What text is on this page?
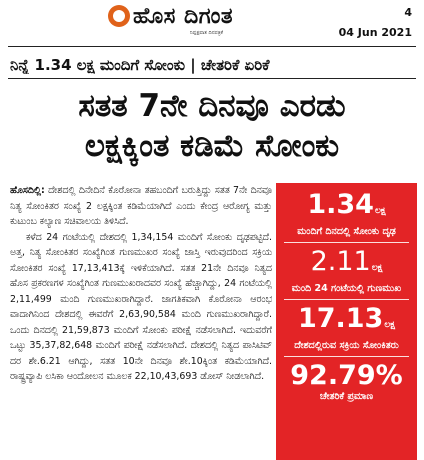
ಹೊಸ ದಿಗಂತ
ನಿಷ್ಪಕ್ಷಪಾತ ದಿನಪತ್ರಿಕೆ
4
04 Jun 2021
ನಿನ್ನೆ 1.34 ಲಕ್ಷ ಮಂದಿಗೆ ಸೋಂಕು | ಚೇತರಿಕೆ ಏರಿಕೆ
ಸತತ 7ನೇ ದಿನವೂ ಎರಡು
ಲಕ್ಷಕ್ಕಿಂತ ಕಡಿಮೆ ಸೋಂಕು

ಹೊಸದಿಲ್ಲಿ: ದೇಶದಲ್ಲಿ ದಿನೇದಿನೆ ಕೊರೋನಾ ತಹಬಂದಿಗೆ ಬರುತ್ತಿದ್ದು ಸತತ 7ನೇ ದಿನವೂ ನಿತ್ಯ ಸೋಂಕಿತರ ಸಂಖ್ಯೆ 2 ಲಕ್ಷಕ್ಕಿಂತ ಕಡಿಮೆಯಾಗಿದೆ ಎಂದು ಕೇಂದ್ರ ಆರೋಗ್ಯ ಮತ್ತು ಕುಟುಂಬ ಕಲ್ಯಾಣ ಸಚಿವಾಲಯ ತಿಳಿಸಿದೆ.

ಕಳೆದ 24 ಗಂಟೆಯಲ್ಲಿ ದೇಶದಲ್ಲಿ 1,34,154 ಮಂದಿಗೆ ಸೋಂಕು ದೃಢಪಟ್ಟಿದೆ. ಅತ್ತ, ನಿತ್ಯ ಸೋಂಕಿತರ ಸಂಖ್ಯೆಗಿಂತ ಗುಣಮುಖರ ಸಂಖ್ಯೆ ಜಾಸ್ತಿ ಇರುವುದರಿಂದ ಸಕ್ರಿಯ ಸೋಂಕಿತರ ಸಂಖ್ಯೆ 17,13,413ಕ್ಕೆ ಇಳಿಕೆಯಾಗಿದೆ. ಸತತ 21ನೇ ದಿನವೂ ನಿತ್ಯದ ಹೊಸ ಪ್ರಕರಣಗಳ ಸಂಖ್ಯೆಗಿಂತ ಗುಣಮುಖರಾದವರ ಸಂಖ್ಯೆ ಹೆಚ್ಚಾಗಿದ್ದು, 24 ಗಂಟೆಯಲ್ಲಿ 2,11,499 ಮಂದಿ ಗುಣಮುಖರಾಗಿದ್ದಾರೆ. ಜಾಗತಿಕವಾಗಿ ಕೊರೋನಾ ಆರಂಭ ವಾದಾಗಿನಿಂದ ದೇಶದಲ್ಲಿ ಈವರೆಗೆ 2,63,90,584 ಮಂದಿ ಗುಣಮುಖರಾಗಿದ್ದಾರೆ. ಒಂದು ದಿನದಲ್ಲಿ 21,59,873 ಮಂದಿಗೆ ಸೋಂಕು ಪರೀಕ್ಷೆ ನಡೆಸಲಾಗಿದೆ. ಇದುವರೆಗೆ ಒಟ್ಟು 35,37,82,648 ಮಂದಿಗೆ ಪರೀಕ್ಷೆ ನಡೆಸಲಾಗಿದೆ. ದೇಶದಲ್ಲಿ ನಿತ್ಯದ ಪಾಸಿಟಿವ್ ದರ ಶೇ.6.21 ಆಗಿದ್ದು, ಸತತ 10ನೇ ದಿನವೂ ಶೇ.10ಕ್ಕಿಂತ ಕಡಿಮೆಯಾಗಿದೆ. ರಾಷ್ಟ್ರವ್ಯಾಪಿ ಲಸಿಕಾ ಆಂದೋಲನ ಮೂಲಕ 22,10,43,693 ಡೋಸ್ ನೀಡಲಾಗಿದೆ.

1.34ಲಕ್ಷ
ಮಂದಿಗೆ ದಿನದಲ್ಲಿ ಸೋಂಕು ದೃಢ
2.11ಲಕ್ಷ
ಮಂದಿ 24 ಗಂಟೆಯಲ್ಲಿ ಗುಣಮುಖ
17.13ಲಕ್ಷ
ದೇಶದಲ್ಲಿರುವ ಸಕ್ರಿಯ ಸೋಂಕಿತರು
92.79%
ಚೇತರಿಕೆ ಪ್ರಮಾಣ
